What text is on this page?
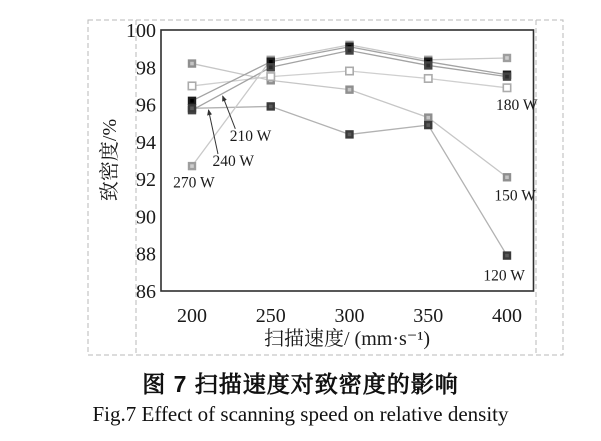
100
98
96
94
92
90
88
86
200 250 300 350 400
扫描速度/ (mm·s⁻¹)
致密度/%	270 W
240 W
210 W
180 W
150 W
120 W
图 7 扫描速度对致密度的影响
Fig.7 Effect of scanning speed on relative density
